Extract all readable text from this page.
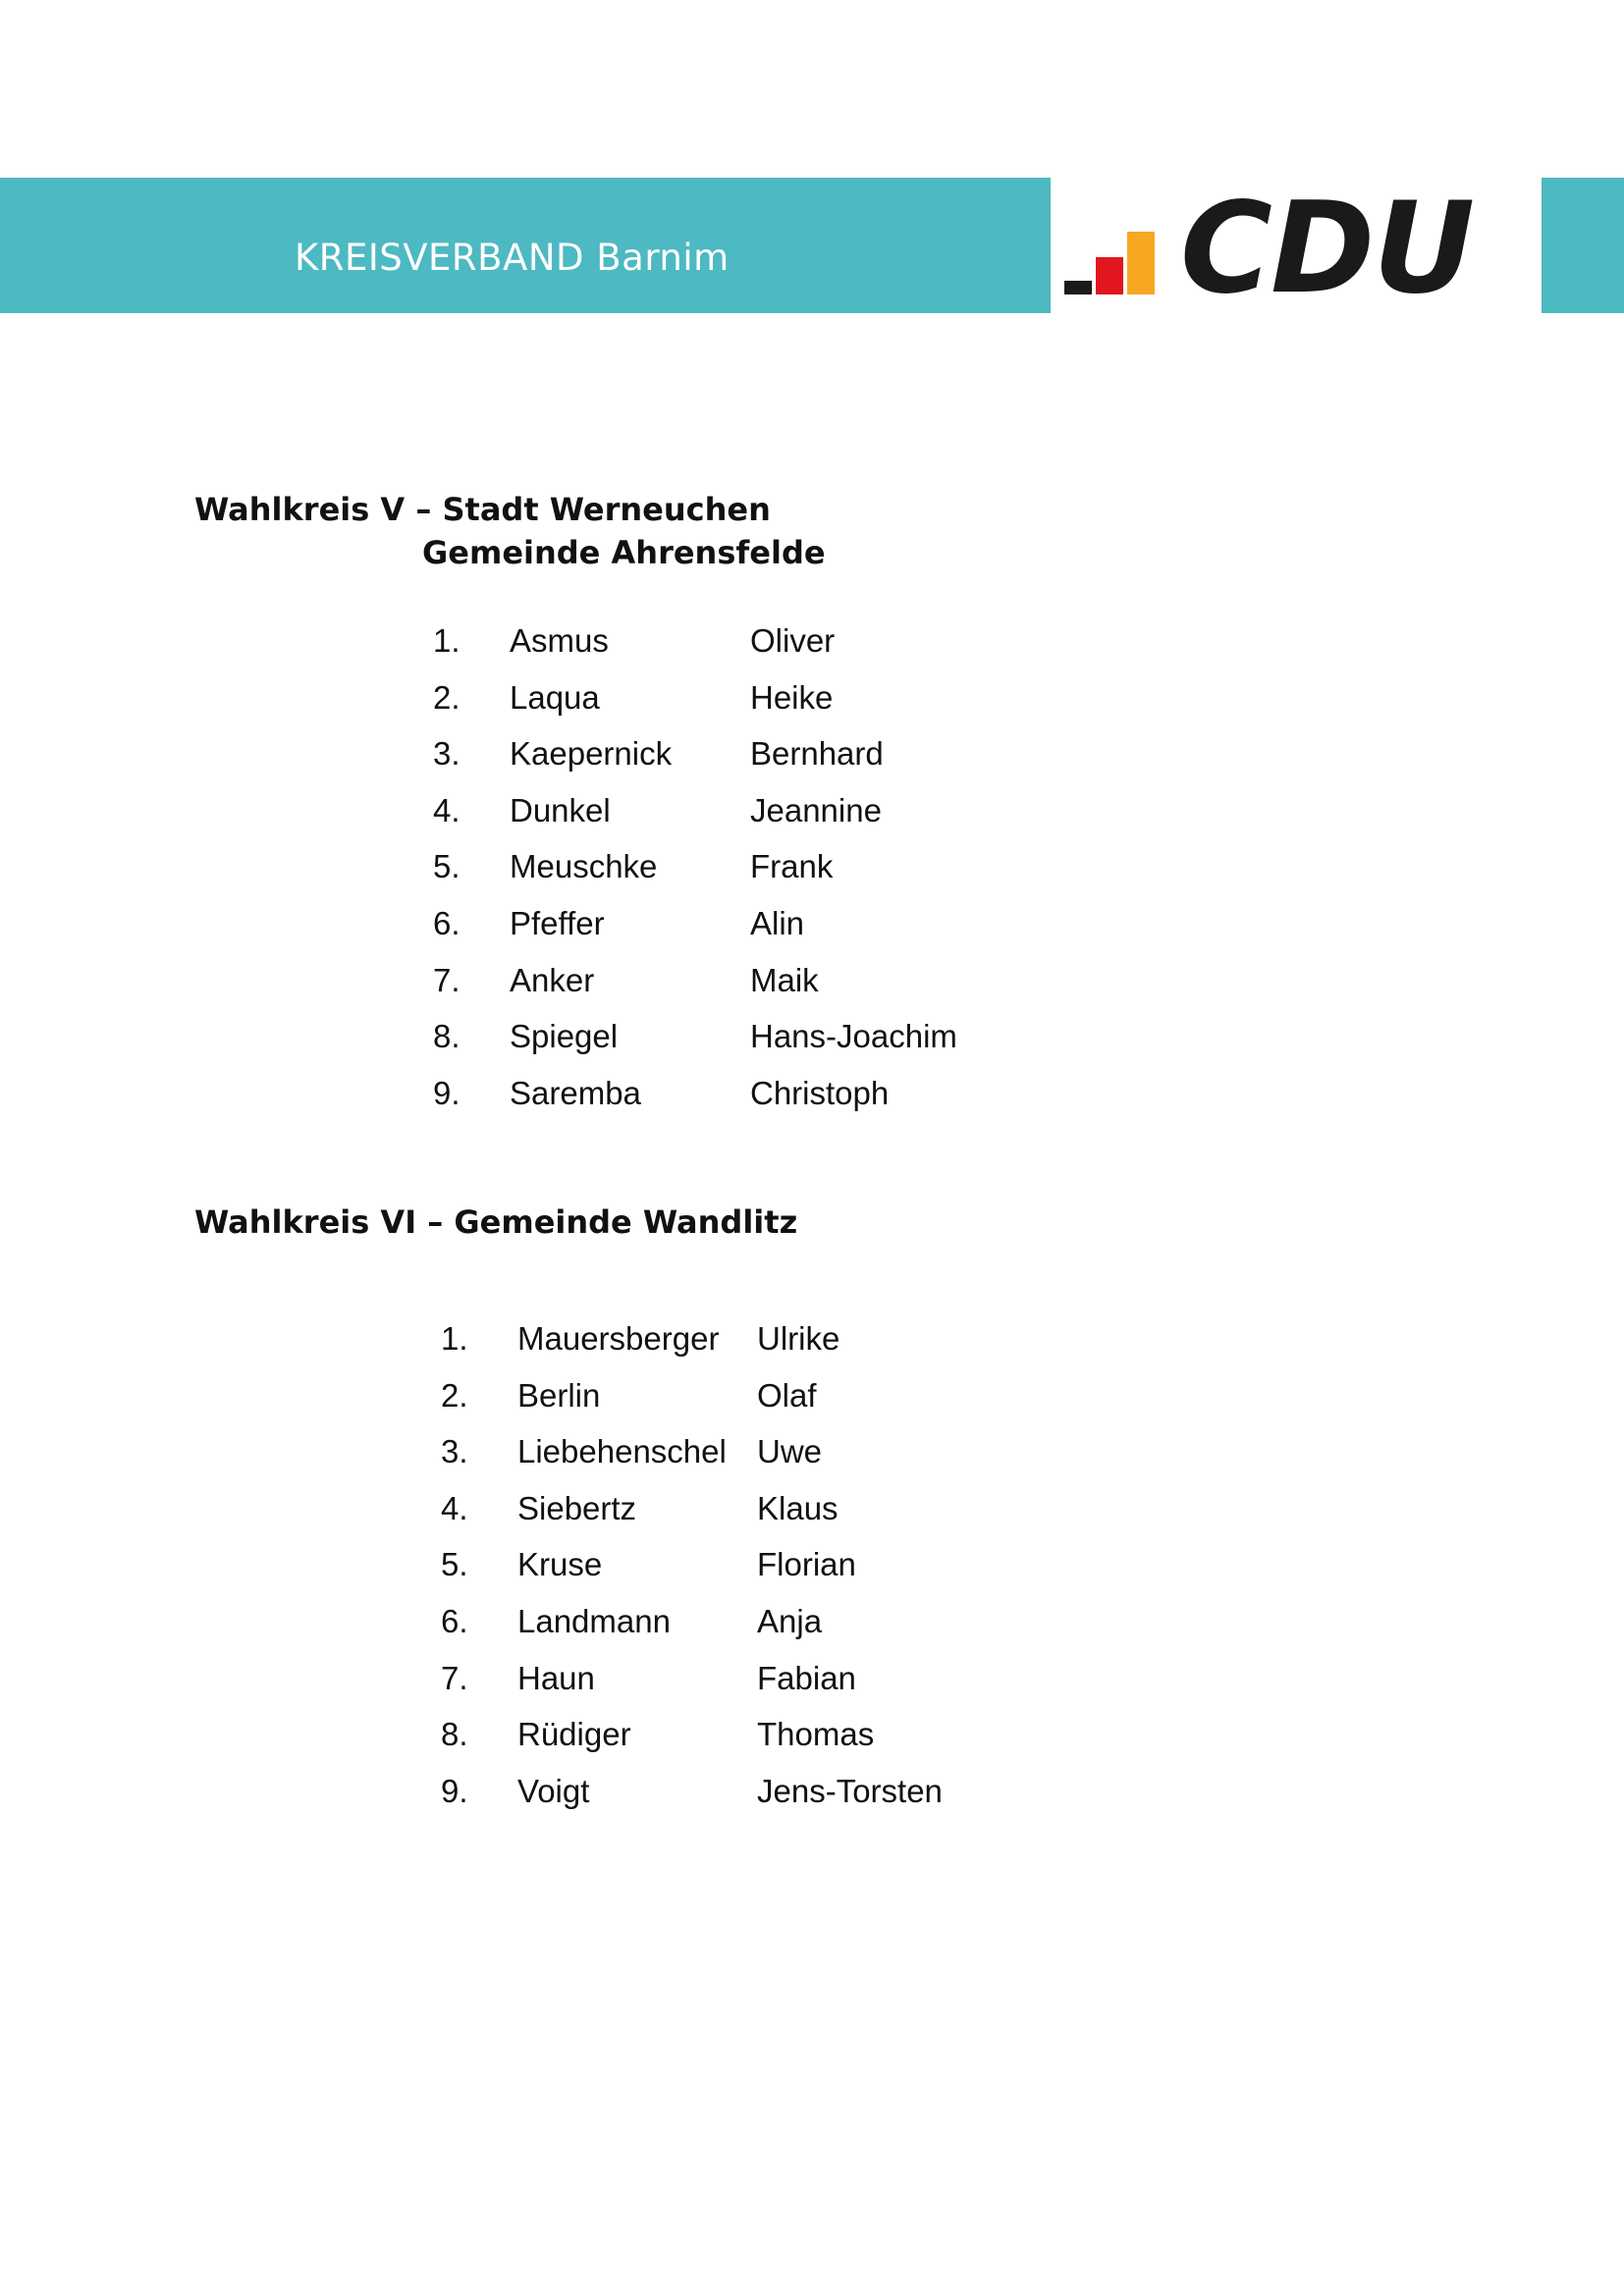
KREISVERBAND Barnim	CDU
Wahlkreis V – Stadt Werneuchen
Gemeinde Ahrensfelde
1. Asmus	Oliver
2. Laqua	Heike
3. Kaepernick Bernhard
4. Dunkel	Jeannine
5. Meuschke	Frank
6. Pfeffer	Alin
7. Anker	Maik
8. Spiegel	Hans-Joachim
9. Saremba	Christoph
Wahlkreis VI – Gemeinde Wandlitz
1. Mauersberger Ulrike
2. Berlin	Olaf
3. Liebehenschel Uwe
4. Siebertz	Klaus
5. Kruse	Florian
6. Landmann	Anja
7. Haun	Fabian
8. Rüdiger	Thomas
9. Voigt	Jens-Torsten
